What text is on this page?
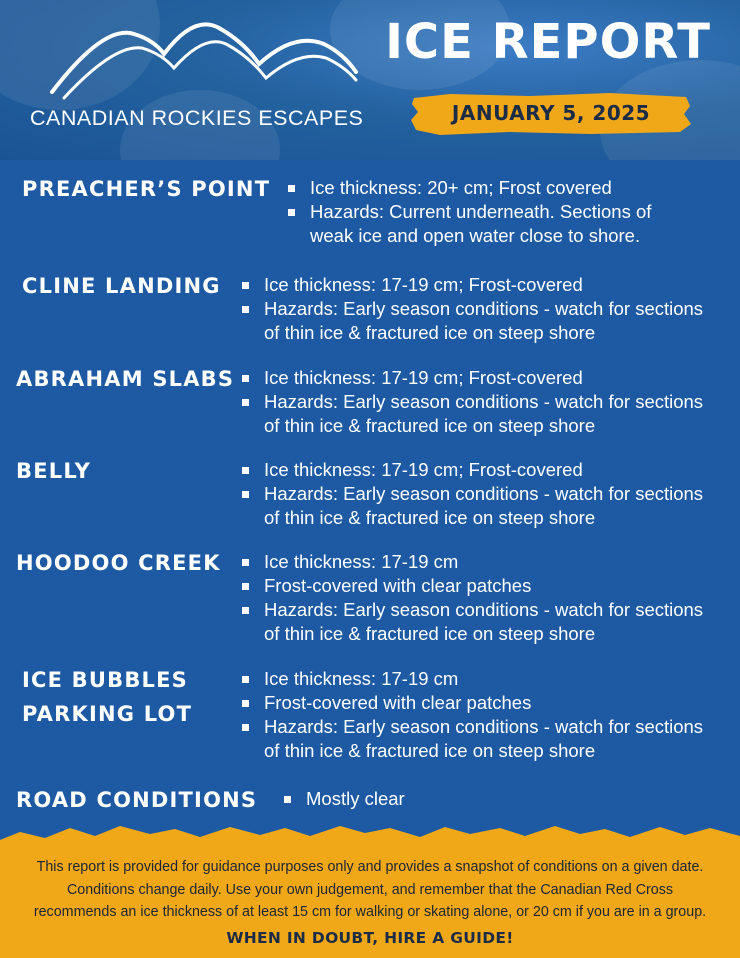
CANADIAN ROCKIES ESCAPES
ICE REPORT
JANUARY 5, 2025
PREACHER’S POINT Ice thickness: 20+ cm; Frost covered
Hazards: Current underneath. Sections of
weak ice and open water close to shore.
CLINE LANDING Ice thickness: 17-19 cm; Frost-covered
Hazards: Early season conditions - watch for sections
of thin ice & fractured ice on steep shore
ABRAHAM SLABS Ice thickness: 17-19 cm; Frost-covered
Hazards: Early season conditions - watch for sections
of thin ice & fractured ice on steep shore
BELLY	Ice thickness: 17-19 cm; Frost-covered
Hazards: Early season conditions - watch for sections
of thin ice & fractured ice on steep shore
HOODOO CREEK Ice thickness: 17-19 cm
Frost-covered with clear patches
Hazards: Early season conditions - watch for sections
of thin ice & fractured ice on steep shore
ICE BUBBLES
PARKING LOT
Ice thickness: 17-19 cm
Frost-covered with clear patches
Hazards: Early season conditions - watch for sections
of thin ice & fractured ice on steep shore
ROAD CONDITIONS	Mostly clear
This report is provided for guidance purposes only and provides a snapshot of conditions on a given date.
Conditions change daily. Use your own judgement, and remember that the Canadian Red Cross
recommends an ice thickness of at least 15 cm for walking or skating alone, or 20 cm if you are in a group.
WHEN IN DOUBT, HIRE A GUIDE!
